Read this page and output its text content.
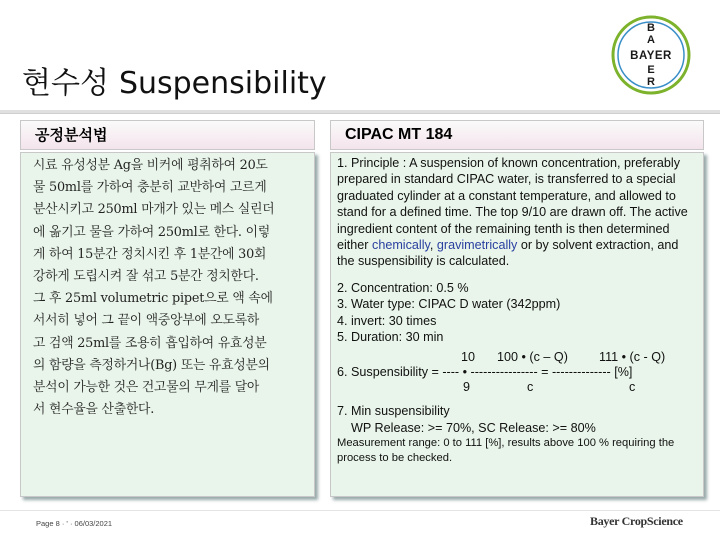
현수성 Suspensibility
B
A
BAYER
E
R
공정분석법	CIPAC MT 184
시료 유성성분 Ag을 비커에 평취하여 20도
물 50ml를 가하여 충분히 교반하여 고르게
분산시키고 250ml 마개가 있는 메스 실린더
에 옮기고 물을 가하여 250ml로 한다. 이렇
게 하여 15분간 정치시킨 후 1분간에 30회
강하게 도립시켜 잘 섞고 5분간 정치한다.
그 후 25ml volumetric pipet으로 액 속에
서서히 넣어 그 끝이 액중앙부에 오도록하
고 검액 25ml를 조용히 흡입하여 유효성분
의 함량을 측정하거나(Bg) 또는 유효성분의
분석이 가능한 것은 건고물의 무게를 달아
서 현수율을 산출한다.
1. Principle : A suspension of known concentration, preferably prepared in standard CIPAC water, is transferred to a special graduated cylinder at a constant temperature, and allowed to stand for a defined time. The top 9/10 are drawn off. The active ingredient content of the remaining tenth is then determined either chemically, gravimetrically or by solvent extraction, and the suspensibility is calculated.
2. Concentration: 0.5 %
3. Water type: CIPAC D water (342ppm)
4. invert: 30 times
5. Duration: 30 min
10 100 • (c – Q) 111 • (c - Q)
6. Suspensibility = ---- • ---------------- = -------------- [%]
9	c	c
7. Min suspensibility
WP Release: >= 70%, SC Release: >= 80%
Measurement range: 0 to 111 [%], results above 100 % requiring the process to be checked.
Page 8 · ' · 06/03/2021	Bayer CropScience
